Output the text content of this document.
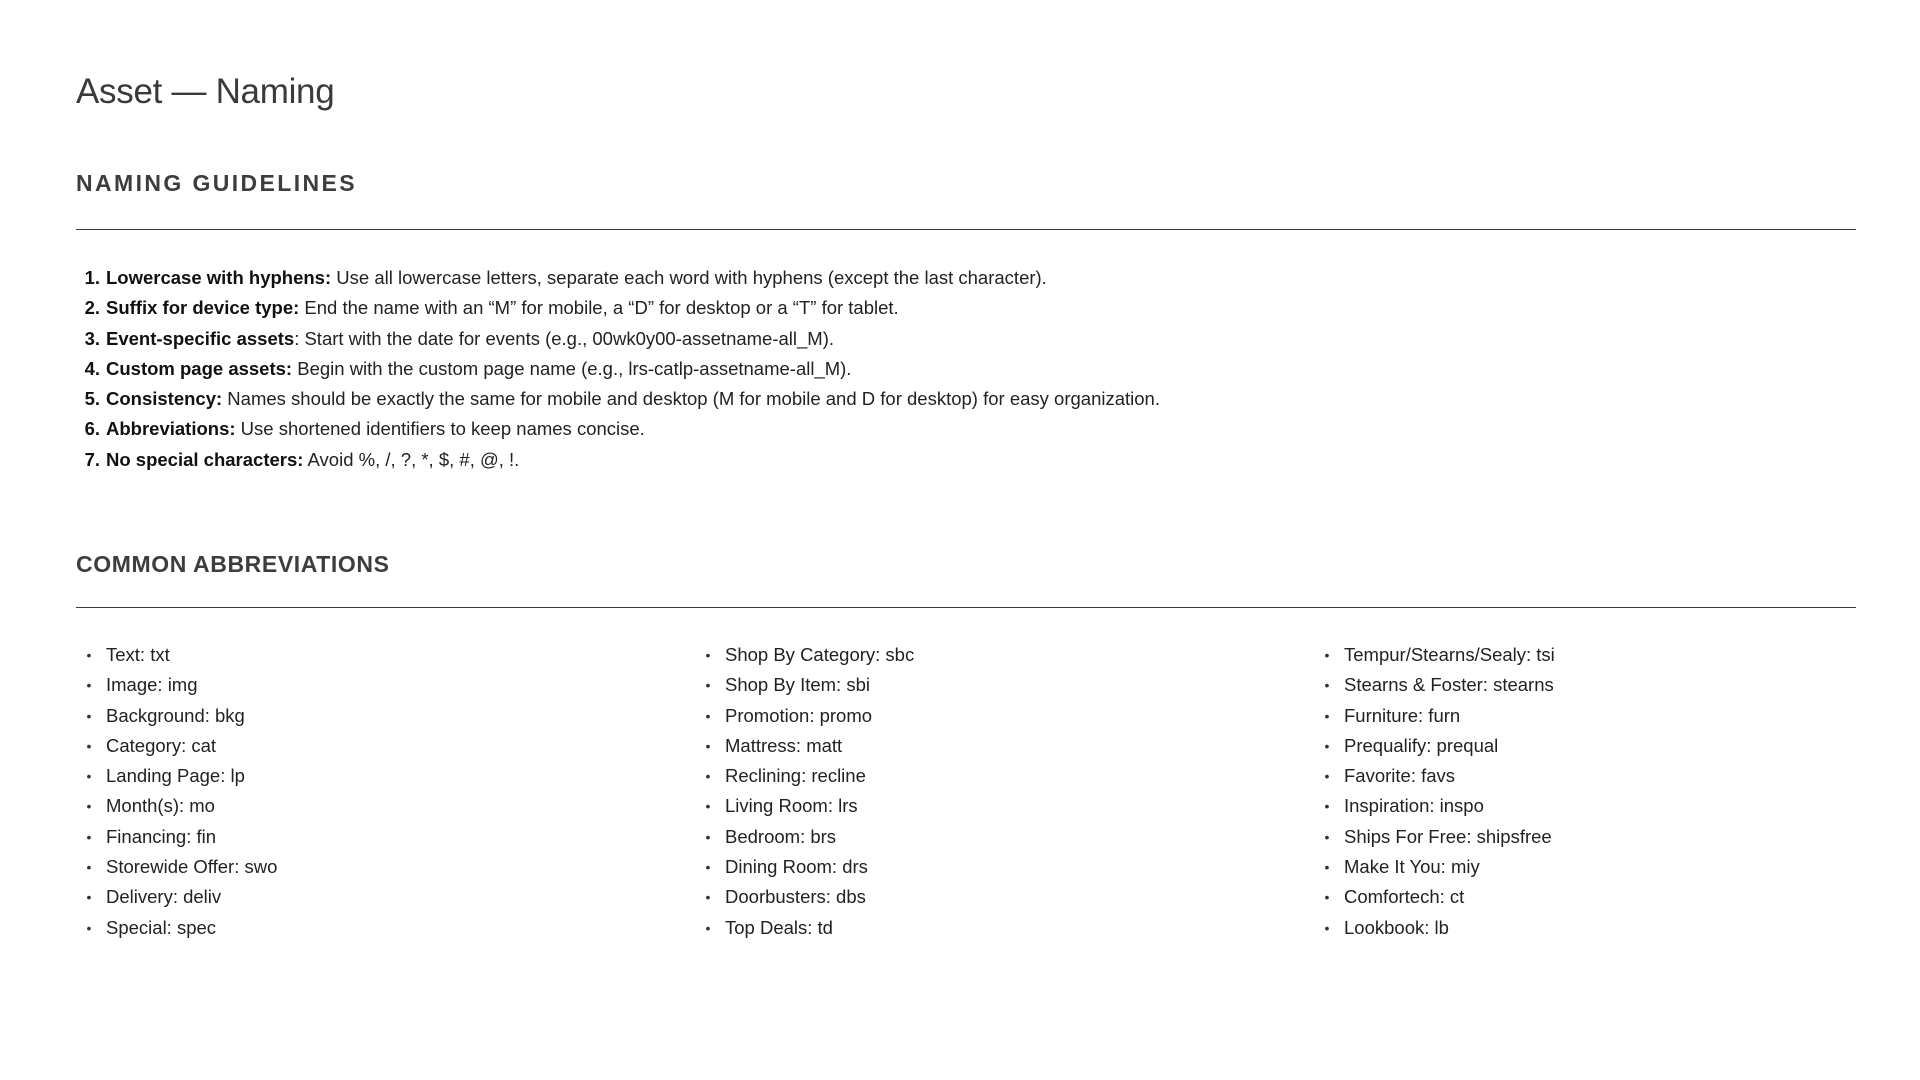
Asset — Naming
NAMING GUIDELINES
1. Lowercase with hyphens: Use all lowercase letters, separate each word with hyphens (except the last character).
2. Suffix for device type: End the name with an “M” for mobile, a “D” for desktop or a “T” for tablet.
3. Event-specific assets: Start with the date for events (e.g., 00wk0y00-assetname-all_M).
4. Custom page assets: Begin with the custom page name (e.g., lrs-catlp-assetname-all_M).
5. Consistency: Names should be exactly the same for mobile and desktop (M for mobile and D for desktop) for easy organization.
6. Abbreviations: Use shortened identifiers to keep names concise.
7. No special characters: Avoid %, /, ?, *, $, #, @, !.
COMMON ABBREVIATIONS
• Text: txt
• Image: img
• Background: bkg
• Category: cat
• Landing Page: lp
• Month(s): mo
• Financing: fin
• Storewide Offer: swo
• Delivery: deliv
• Special: spec
• Shop By Category: sbc
• Shop By Item: sbi
• Promotion: promo
• Mattress: matt
• Reclining: recline
• Living Room: lrs
• Bedroom: brs
• Dining Room: drs
• Doorbusters: dbs
• Top Deals: td
• Tempur/Stearns/Sealy: tsi
• Stearns & Foster: stearns
• Furniture: furn
• Prequalify: prequal
• Favorite: favs
• Inspiration: inspo
• Ships For Free: shipsfree
• Make It You: miy
• Comfortech: ct
• Lookbook: lb
